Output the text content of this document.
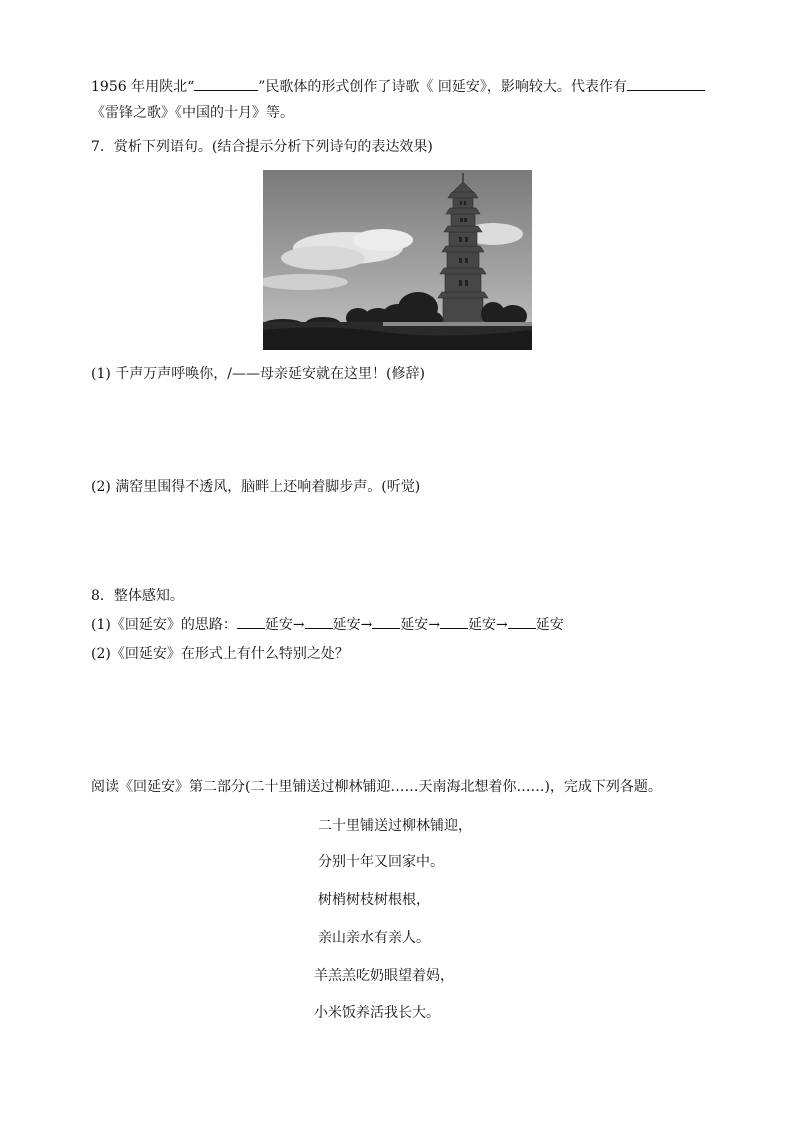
1956 年用陕北“	”民歌体的形式创作了诗歌《 回延安》，影响较大。代表作有
《雷锋之歌》《中国的十月》等。
7．赏析下列语句。(结合提示分析下列诗句的表达效果)
(1) 千声万声呼唤你，/——母亲延安就在这里！(修辞)
(2) 满窑里围得不透风，脑畔上还响着脚步声。(听觉)
8．整体感知。
(1)《回延安》的思路： 延安→ 延安→ 延安→ 延安→ 延安
(2)《回延安》在形式上有什么特别之处？
阅读《回延安》第二部分(二十里铺送过柳林铺迎……天南海北想着你……)，完成下列各题。
二十里铺送过柳林铺迎，
分别十年又回家中。
树梢树枝树根根，
亲山亲水有亲人。
羊羔羔吃奶眼望着妈，
小米饭养活我长大。
